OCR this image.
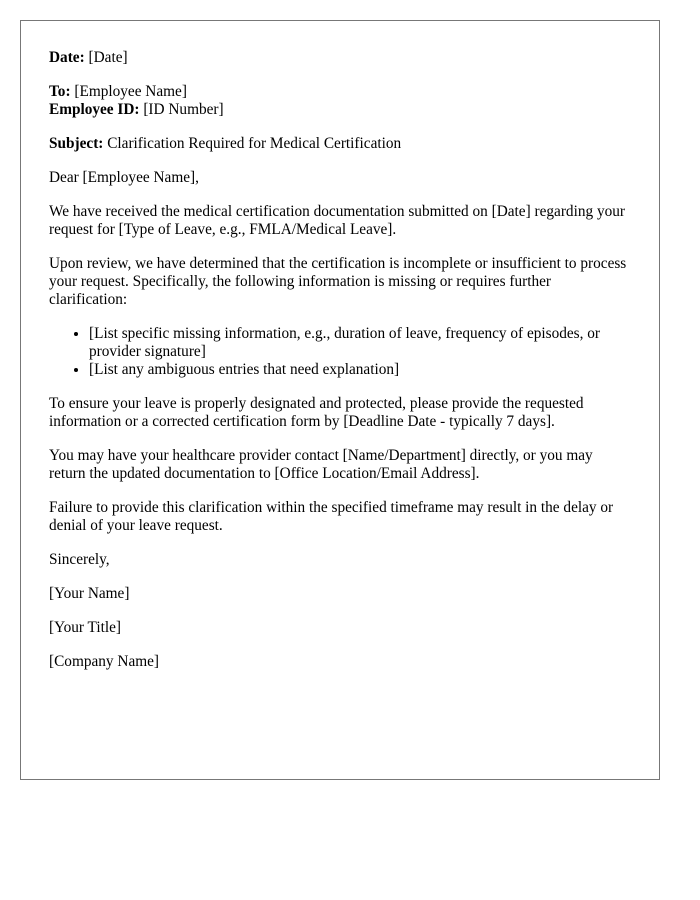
Date: [Date]

To: [Employee Name]

Employee ID: [ID Number]

Subject: Clarification Required for Medical Certification

Dear [Employee Name],

We have received the medical certification documentation submitted on [Date] regarding your request for [Type of Leave, e.g., FMLA/Medical Leave].

Upon review, we have determined that the certification is incomplete or insufficient to process your request. Specifically, the following information is missing or requires further clarification:

• [List specific missing information, e.g., duration of leave, frequency of episodes, or provider signature]
• [List any ambiguous entries that need explanation]

To ensure your leave is properly designated and protected, please provide the requested information or a corrected certification form by [Deadline Date - typically 7 days].

You may have your healthcare provider contact [Name/Department] directly, or you may return the updated documentation to [Office Location/Email Address].

Failure to provide this clarification within the specified timeframe may result in the delay or denial of your leave request.

Sincerely,

[Your Name]

[Your Title]

[Company Name]
